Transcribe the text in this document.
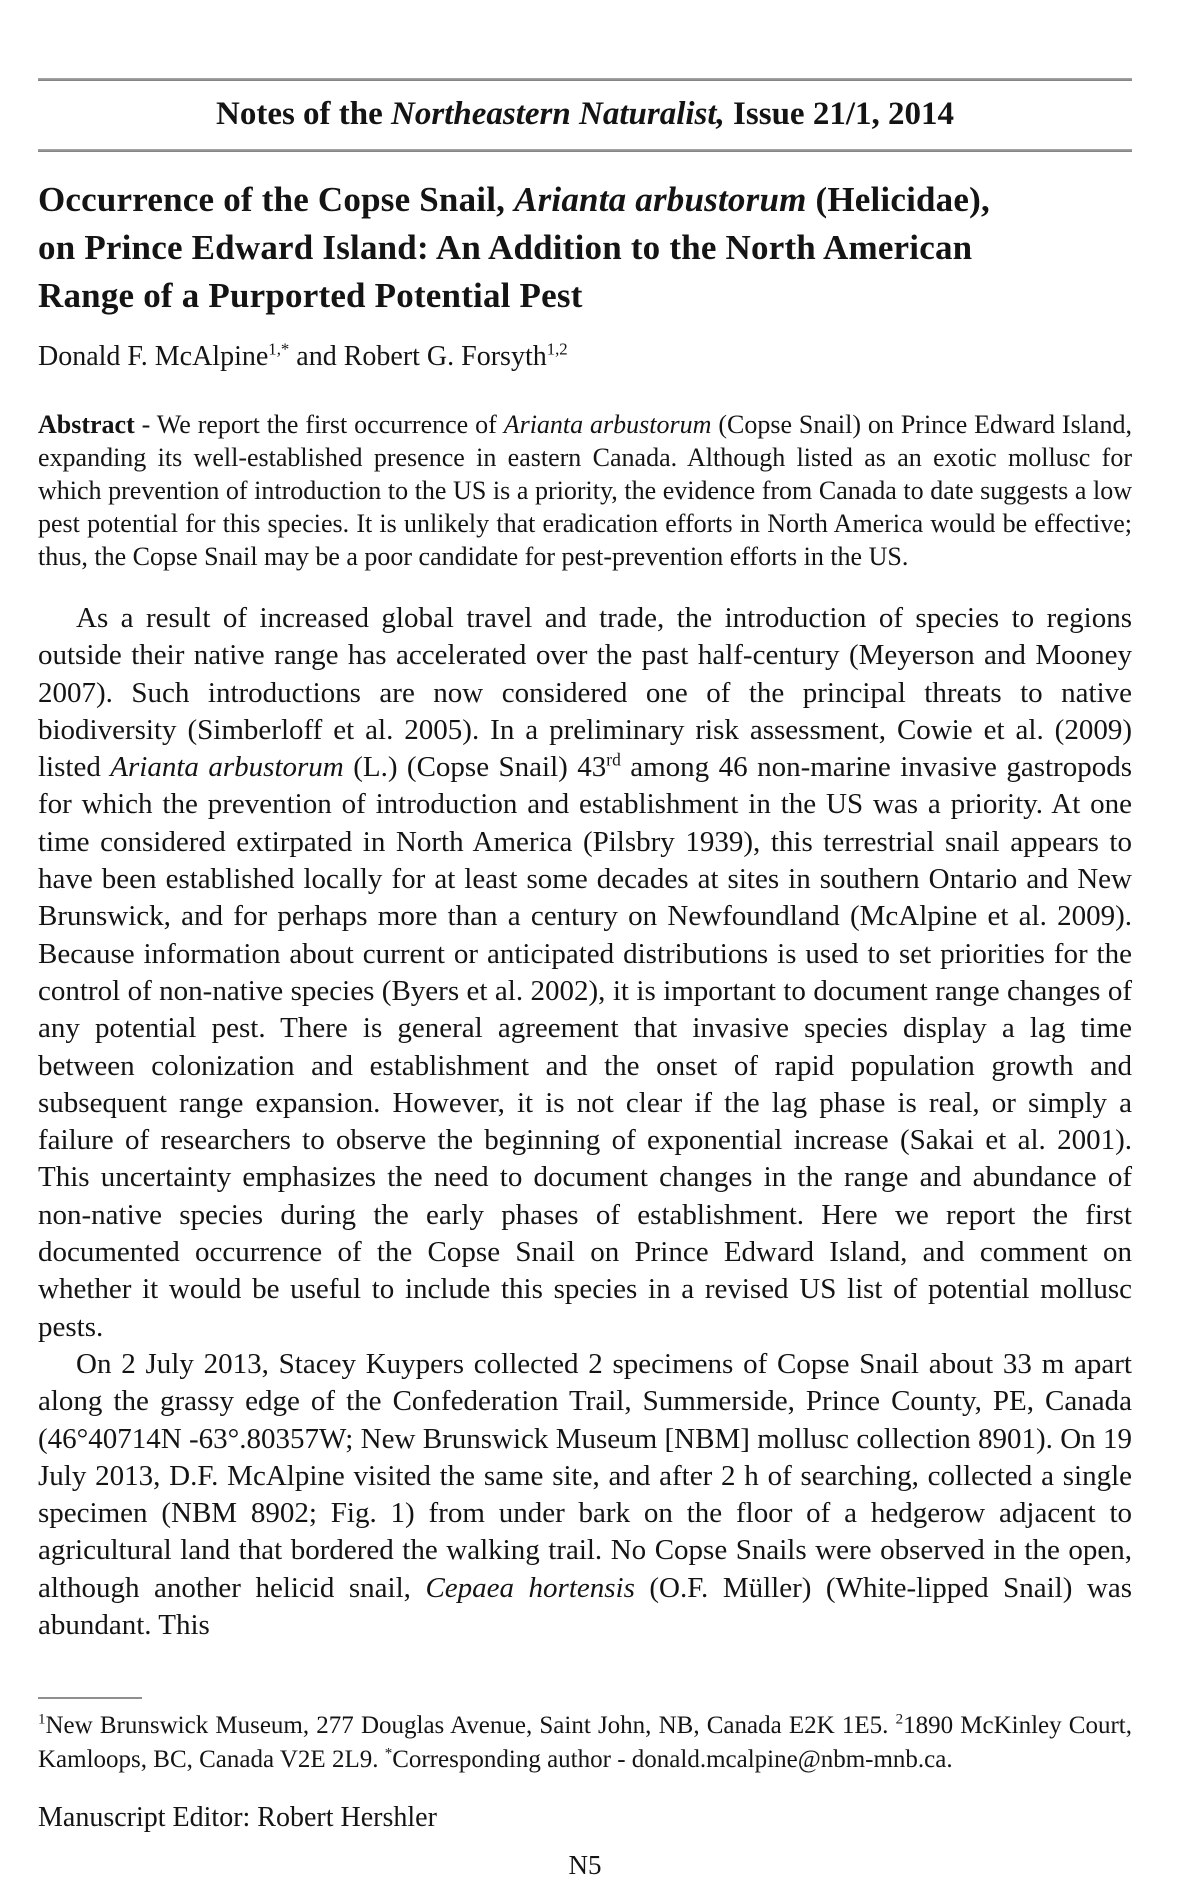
Notes of the Northeastern Naturalist, Issue 21/1, 2014
Occurrence of the Copse Snail, Arianta arbustorum (Helicidae),
on Prince Edward Island: An Addition to the North American
Range of a Purported Potential Pest
Donald F. McAlpine$^{1,*}$ and Robert G. Forsyth$^{1,2}$

Abstract - We report the first occurrence of Arianta arbustorum (Copse Snail) on Prince Edward Island, expanding its well-established presence in eastern Canada. Although listed as an exotic mollusc for which prevention of introduction to the US is a priority, the evidence from Canada to date suggests a low pest potential for this species. It is unlikely that eradication efforts in North America would be effective; thus, the Copse Snail may be a poor candidate for pest-prevention efforts in the US.

As a result of increased global travel and trade, the introduction of species to regions outside their native range has accelerated over the past half-century (Meyerson and Mooney 2007). Such introductions are now considered one of the principal threats to native biodiversity (Simberloff et al. 2005). In a preliminary risk assessment, Cowie et al. (2009) listed Arianta arbustorum (L.) (Copse Snail) 43rd among 46 non-marine invasive gastropods for which the prevention of introduction and establishment in the US was a priority. At one time considered extirpated in North America (Pilsbry 1939), this terrestrial snail appears to have been established locally for at least some decades at sites in southern Ontario and New Brunswick, and for perhaps more than a century on Newfoundland (McAlpine et al. 2009). Because information about current or anticipated distributions is used to set priorities for the control of non-native species (Byers et al. 2002), it is important to document range changes of any potential pest. There is general agreement that invasive species display a lag time between colonization and establishment and the onset of rapid population growth and subsequent range expansion. However, it is not clear if the lag phase is real, or simply a failure of researchers to observe the beginning of exponential increase (Sakai et al. 2001). This uncertainty emphasizes the need to document changes in the range and abundance of non-native species during the early phases of establishment. Here we report the first documented occurrence of the Copse Snail on Prince Edward Island, and comment on whether it would be useful to include this species in a revised US list of potential mollusc pests.

On 2 July 2013, Stacey Kuypers collected 2 specimens of Copse Snail about 33 m apart along the grassy edge of the Confederation Trail, Summerside, Prince County, PE, Canada (46°40714N -63°.80357W; New Brunswick Museum [NBM] mollusc collection 8901). On 19 July 2013, D.F. McAlpine visited the same site, and after 2 h of searching, collected a single specimen (NBM 8902; Fig. 1) from under bark on the floor of a hedgerow adjacent to agricultural land that bordered the walking trail. No Copse Snails were observed in the open, although another helicid snail, Cepaea hortensis (O.F. Müller) (White-lipped Snail) was abundant. This

$^1$New Brunswick Museum, 277 Douglas Avenue, Saint John, NB, Canada E2K 1E5. $^2$1890 McKinley Court, Kamloops, BC, Canada V2E 2L9. *Corresponding author - donald.mcalpine@nbm-mnb.ca.

Manuscript Editor: Robert Hershler
N5
